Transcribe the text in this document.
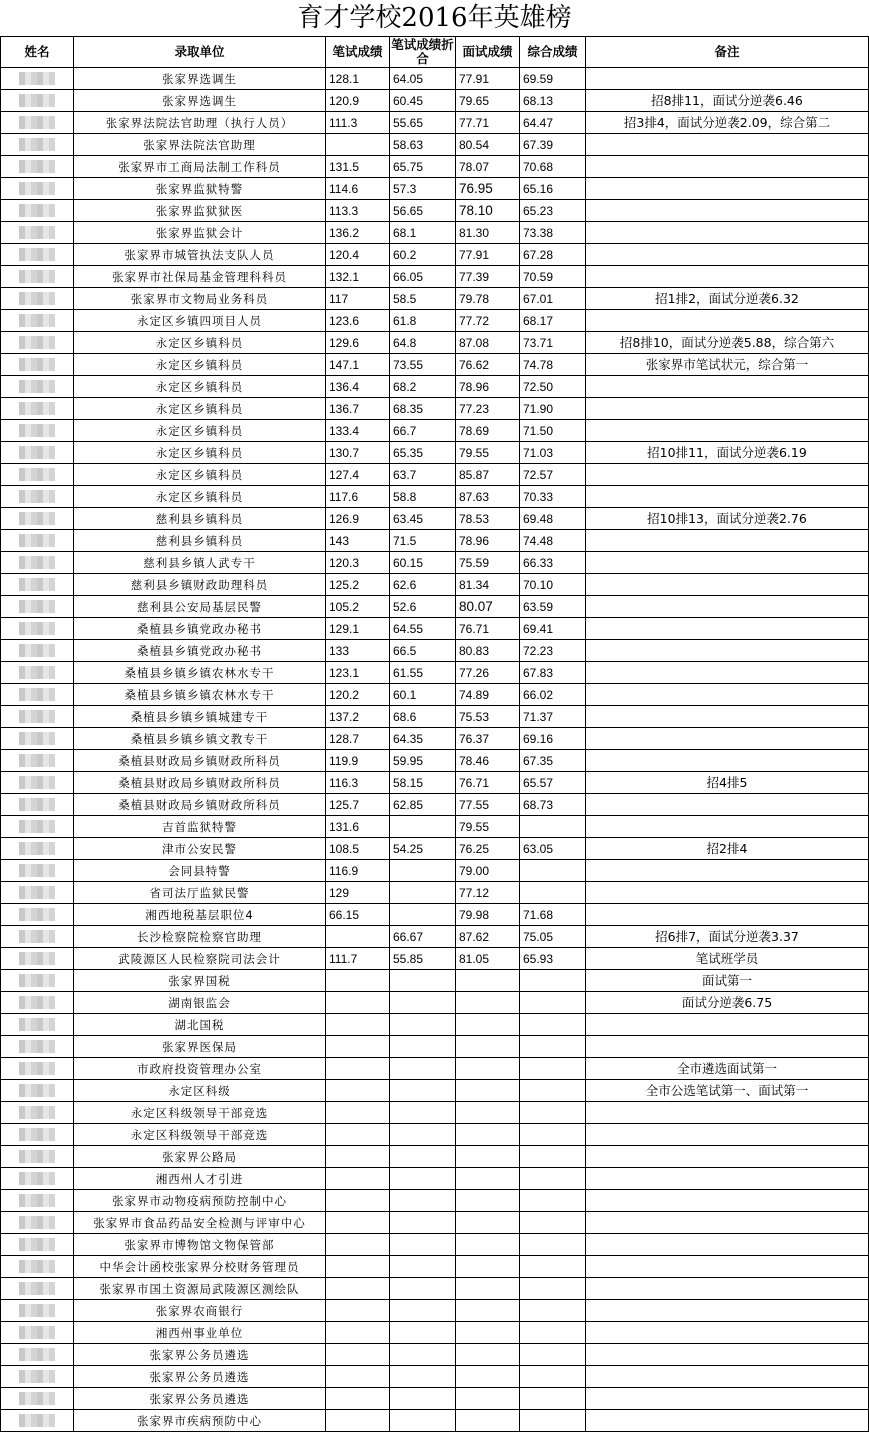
育才学校2016年英雄榜
姓名	录取单位	笔试成绩	笔试成绩折合	面试成绩	综合成绩	备注

	张家界选调生	128.1	64.05	77.91	69.59	

	张家界选调生	120.9	60.45	79.65	68.13	招8排11，面试分逆袭6.46

	张家界法院法官助理（执行人员）	111.3	55.65	77.71	64.47	招3排4，面试分逆袭2.09，综合第二

	张家界法院法官助理		58.63	80.54	67.39	

	张家界市工商局法制工作科员	131.5	65.75	78.07	70.68	

	张家界监狱特警	114.6	57.3	76.95	65.16	

	张家界监狱狱医	113.3	56.65	78.10	65.23	

	张家界监狱会计	136.2	68.1	81.30	73.38	

	张家界市城管执法支队人员	120.4	60.2	77.91	67.28	

	张家界市社保局基金管理科科员	132.1	66.05	77.39	70.59	

	张家界市文物局业务科员	117	58.5	79.78	67.01	招1排2，面试分逆袭6.32

	永定区乡镇四项目人员	123.6	61.8	77.72	68.17	

	永定区乡镇科员	129.6	64.8	87.08	73.71	招8排10，面试分逆袭5.88，综合第六

	永定区乡镇科员	147.1	73.55	76.62	74.78	张家界市笔试状元，综合第一

	永定区乡镇科员	136.4	68.2	78.96	72.50	

	永定区乡镇科员	136.7	68.35	77.23	71.90	

	永定区乡镇科员	133.4	66.7	78.69	71.50	

	永定区乡镇科员	130.7	65.35	79.55	71.03	招10排11，面试分逆袭6.19

	永定区乡镇科员	127.4	63.7	85.87	72.57	

	永定区乡镇科员	117.6	58.8	87.63	70.33	

	慈利县乡镇科员	126.9	63.45	78.53	69.48	招10排13，面试分逆袭2.76

	慈利县乡镇科员	143	71.5	78.96	74.48	

	慈利县乡镇人武专干	120.3	60.15	75.59	66.33	

	慈利县乡镇财政助理科员	125.2	62.6	81.34	70.10	

	慈利县公安局基层民警	105.2	52.6	80.07	63.59	

	桑植县乡镇党政办秘书	129.1	64.55	76.71	69.41	

	桑植县乡镇党政办秘书	133	66.5	80.83	72.23	

	桑植县乡镇乡镇农林水专干	123.1	61.55	77.26	67.83	

	桑植县乡镇乡镇农林水专干	120.2	60.1	74.89	66.02	

	桑植县乡镇乡镇城建专干	137.2	68.6	75.53	71.37	

	桑植县乡镇乡镇文教专干	128.7	64.35	76.37	69.16	

	桑植县财政局乡镇财政所科员	119.9	59.95	78.46	67.35	

	桑植县财政局乡镇财政所科员	116.3	58.15	76.71	65.57	招4排5

	桑植县财政局乡镇财政所科员	125.7	62.85	77.55	68.73	

	吉首监狱特警	131.6		79.55		

	津市公安民警	108.5	54.25	76.25	63.05	招2排4

	会同县特警	116.9		79.00		

	省司法厅监狱民警	129		77.12		

	湘西地税基层职位4	66.15		79.98	71.68	

	长沙检察院检察官助理		66.67	87.62	75.05	招6排7，面试分逆袭3.37

	武陵源区人民检察院司法会计	111.7	55.85	81.05	65.93	笔试班学员

	张家界国税					面试第一

	湖南银监会					面试分逆袭6.75

	湖北国税					

	张家界医保局					

	市政府投资管理办公室					全市遴选面试第一

	永定区科级					全市公选笔试第一、面试第一

	永定区科级领导干部竞选					

	永定区科级领导干部竞选					

	张家界公路局					

	湘西州人才引进					

	张家界市动物疫病预防控制中心					

	张家界市食品药品安全检测与评审中心					

	张家界市博物馆文物保管部					

	中华会计函校张家界分校财务管理员					

	张家界市国土资源局武陵源区测绘队					

	张家界农商银行					

	湘西州事业单位					

	张家界公务员遴选					

	张家界公务员遴选					

	张家界公务员遴选					

	张家界市疾病预防中心					
